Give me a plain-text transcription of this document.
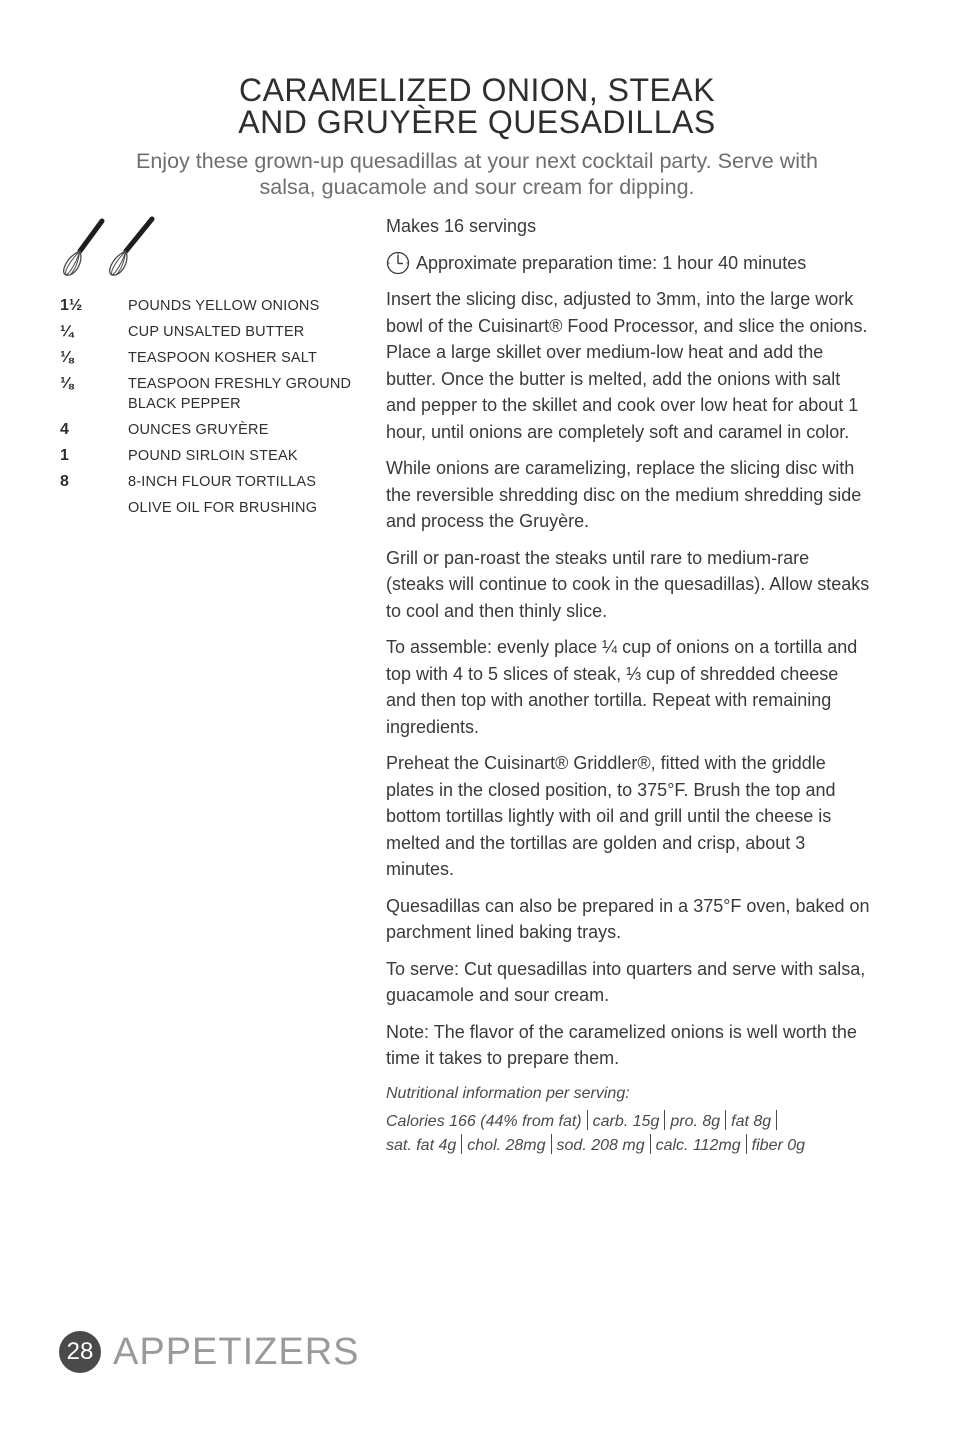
CARAMELIZED ONION, STEAK
AND GRUYÈRE QUESADILLAS
Enjoy these grown-up quesadillas at your next cocktail party. Serve with
salsa, guacamole and sour cream for dipping.
1½	POUNDS YELLOW ONIONS
¼	CUP UNSALTED BUTTER
⅛	TEASPOON KOSHER SALT
⅛	TEASPOON FRESHLY GROUND BLACK PEPPER
4	OUNCES GRUYÈRE
1	POUND SIRLOIN STEAK
8	8-INCH FLOUR TORTILLAS
OLIVE OIL FOR BRUSHING

Makes 16 servings

Approximate preparation time: 1 hour 40 minutes

Insert the slicing disc, adjusted to 3mm, into the large work bowl of the Cuisinart® Food Processor, and slice the onions. Place a large skillet over medium-low heat and add the butter. Once the butter is melted, add the onions with salt and pepper to the skillet and cook over low heat for about 1 hour, until onions are completely soft and caramel in color.

While onions are caramelizing, replace the slicing disc with the reversible shredding disc on the medium shredding side and process the Gruyère.

Grill or pan-roast the steaks until rare to medium-rare (steaks will continue to cook in the quesadillas). Allow steaks to cool and then thinly slice.

To assemble: evenly place ¼ cup of onions on a tortilla and top with 4 to 5 slices of steak, ⅓ cup of shredded cheese and then top with another tortilla. Repeat with remaining ingredients.

Preheat the Cuisinart® Griddler®, fitted with the griddle plates in the closed position, to 375°F. Brush the top and bottom tortillas lightly with oil and grill until the cheese is melted and the tortillas are golden and crisp, about 3 minutes.

Quesadillas can also be prepared in a 375°F oven, baked on parchment lined baking trays.

To serve: Cut quesadillas into quarters and serve with salsa, guacamole and sour cream.

Note: The flavor of the caramelized onions is well worth the time it takes to prepare them.

Nutritional information per serving:

Calories 166 (44% from fat) carb. 15g pro. 8g fat 8g

sat. fat 4g chol. 28mg sod. 208 mg calc. 112mg fiber 0g

28 APPETIZERS
